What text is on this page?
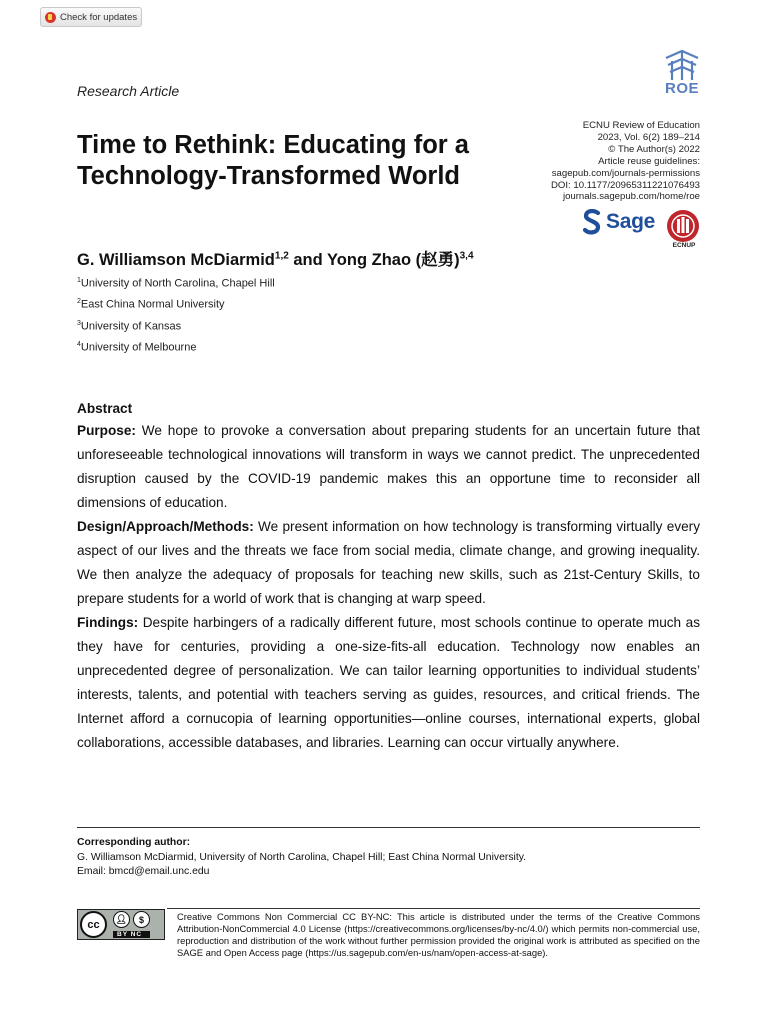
Check for updates
ROE
Research Article
Time to Rethink: Educating for a Technology-Transformed World
ECNU Review of Education
2023, Vol. 6(2) 189–214
© The Author(s) 2022
Article reuse guidelines:
sagepub.com/journals-permissions
DOI: 10.1177/20965311221076493
journals.sagepub.com/home/roe
Sage
ECNUP
G. Williamson McDiarmid$^{1,2}$ and Yong Zhao (赵勇)$^{3,4}$
$^1$University of North Carolina, Chapel Hill
$^2$East China Normal University
$^3$University of Kansas
$^4$University of Melbourne
Abstract

Purpose: We hope to provoke a conversation about preparing students for an uncertain future that unforeseeable technological innovations will transform in ways we cannot predict. The unprecedented disruption caused by the COVID-19 pandemic makes this an opportune time to reconsider all dimensions of education.

Design/Approach/Methods: We present information on how technology is transforming virtually every aspect of our lives and the threats we face from social media, climate change, and growing inequality. We then analyze the adequacy of proposals for teaching new skills, such as 21st-Century Skills, to prepare students for a world of work that is changing at warp speed.

Findings: Despite harbingers of a radically different future, most schools continue to operate much as they have for centuries, providing a one-size-fits-all education. Technology now enables an unprecedented degree of personalization. We can tailor learning opportunities to individual students’ interests, talents, and potential with teachers serving as guides, resources, and critical friends. The Internet afford a cornucopia of learning opportunities—online courses, international experts, global collaborations, accessible databases, and libraries. Learning can occur virtually anywhere.

Corresponding author:
G. Williamson McDiarmid, University of North Carolina, Chapel Hill; East China Normal University.
Email: bmcd@email.unc.edu
Creative Commons Non Commercial CC BY-NC: This article is distributed under the terms of the Creative Commons Attribution-NonCommercial 4.0 License (https://creativecommons.org/licenses/by-nc/4.0/) which permits non-commercial use, reproduction and distribution of the work without further permission provided the original work is attributed as specified on the SAGE and Open Access page (https://us.sagepub.com/en-us/nam/open-access-at-sage).
cc	👤︎	$
BY NC
